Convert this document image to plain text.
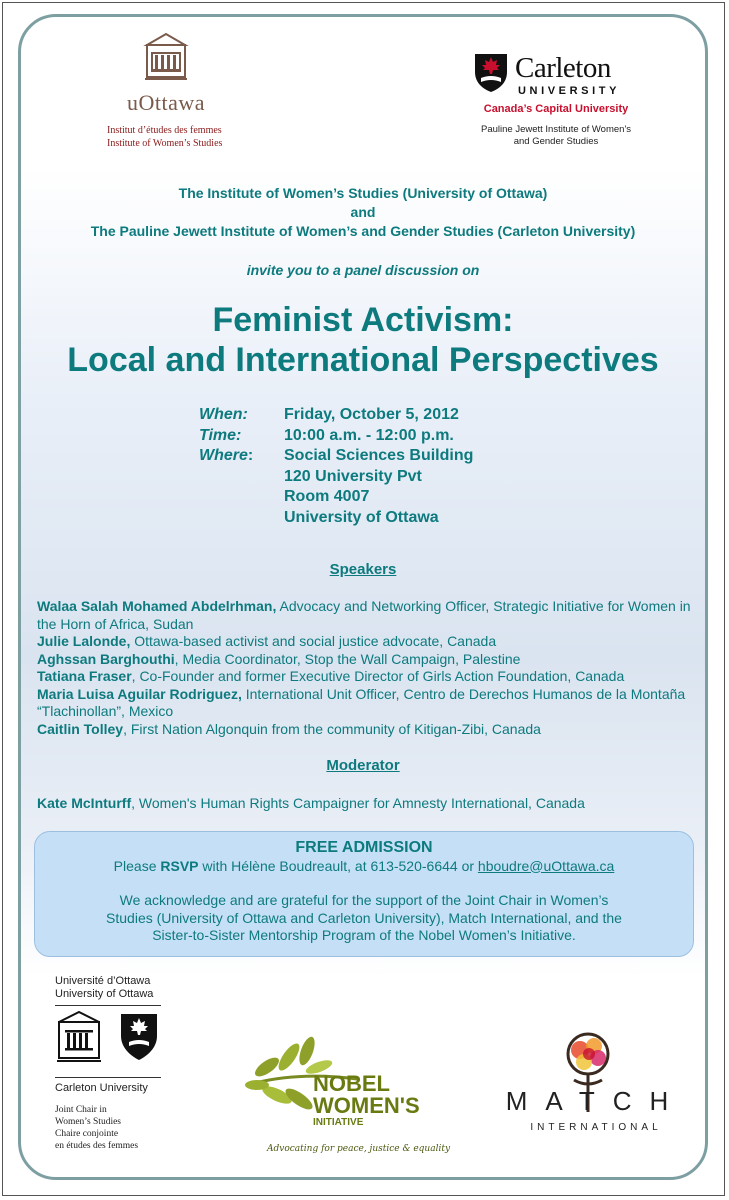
uOttawa
Institut d’études des femmes
Institute of Women’s Studies
Carleton
UNIVERSITY
Canada’s Capital University
Pauline Jewett Institute of Women's
and Gender Studies
The Institute of Women’s Studies (University of Ottawa)
and
The Pauline Jewett Institute of Women’s and Gender Studies (Carleton University)
invite you to a panel discussion on
Feminist Activism:
Local and International Perspectives
When:	Friday, October 5, 2012
Time:	10:00 a.m. - 12:00 p.m.
Where:	Social Sciences Building
120 University Pvt
Room 4007
University of Ottawa
Speakers

Walaa Salah Mohamed Abdelrhman, Advocacy and Networking Officer, Strategic Initiative for Women in the Horn of Africa, Sudan

Julie Lalonde, Ottawa-based activist and social justice advocate, Canada

Aghssan Barghouthi, Media Coordinator, Stop the Wall Campaign, Palestine

Tatiana Fraser, Co-Founder and former Executive Director of Girls Action Foundation, Canada

Maria Luisa Aguilar Rodriguez, International Unit Officer, Centro de Derechos Humanos de la Montaña “Tlachinollan”, Mexico

Caitlin Tolley, First Nation Algonquin from the community of Kitigan-Zibi, Canada

Moderator

Kate McInturff, Women's Human Rights Campaigner for Amnesty International, Canada

FREE ADMISSION
Please RSVP with Hélène Boudreault, at 613-520-6644 or hboudre@uOttawa.ca
We acknowledge and are grateful for the support of the Joint Chair in Women’s
Studies (University of Ottawa and Carleton University), Match International, and the
Sister-to-Sister Mentorship Program of the Nobel Women’s Initiative.
Université d’Ottawa
University of Ottawa
Carleton University
Joint Chair in
Women’s Studies
Chaire conjointe
en études des femmes
NOBEL
WOMEN'S
INITIATIVE
Advocating for peace, justice & equality
MATCH
INTERNATIONAL
